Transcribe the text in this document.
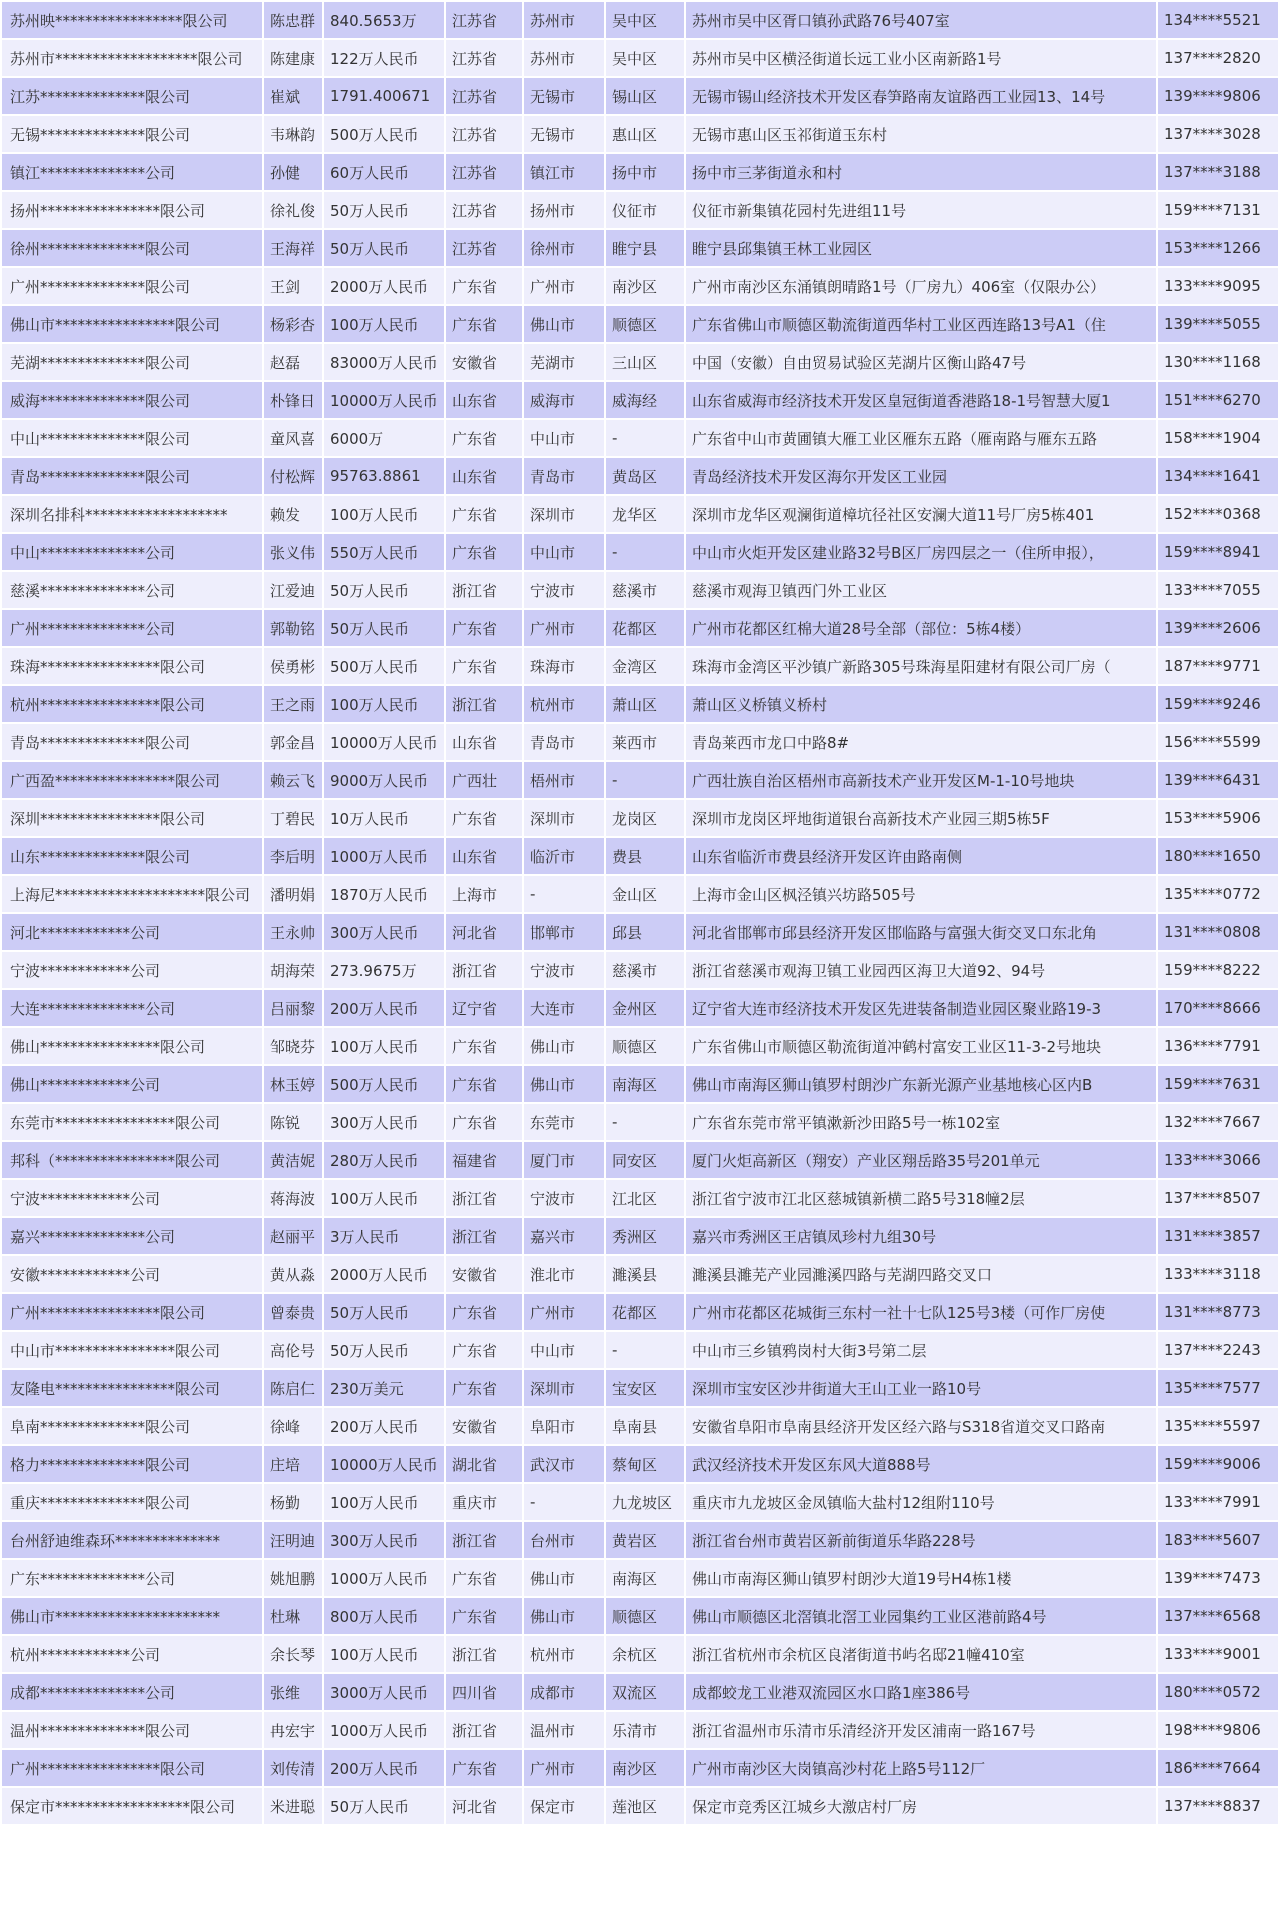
苏州映*****************限公司	陈忠群	840.5653万	江苏省	苏州市	吴中区	苏州市吴中区胥口镇孙武路76号407室	134****5521
苏州市*******************限公司	陈建康	122万人民币	江苏省	苏州市	吴中区	苏州市吴中区横泾街道长远工业小区南新路1号	137****2820
江苏**************限公司	崔斌	1791.400671	江苏省	无锡市	锡山区	无锡市锡山经济技术开发区春笋路南友谊路西工业园13、14号	139****9806
无锡**************限公司	韦琳韵	500万人民币	江苏省	无锡市	惠山区	无锡市惠山区玉祁街道玉东村	137****3028
镇江**************公司	孙健	60万人民币	江苏省	镇江市	扬中市	扬中市三茅街道永和村	137****3188
扬州****************限公司	徐礼俊	50万人民币	江苏省	扬州市	仪征市	仪征市新集镇花园村先进组11号	159****7131
徐州**************限公司	王海祥	50万人民币	江苏省	徐州市	睢宁县	睢宁县邱集镇王林工业园区	153****1266
广州**************限公司	王剑	2000万人民币	广东省	广州市	南沙区	广州市南沙区东涌镇朗晴路1号（厂房九）406室（仅限办公）	133****9095
佛山市****************限公司	杨彩杏	100万人民币	广东省	佛山市	顺德区	广东省佛山市顺德区勒流街道西华村工业区西连路13号A1（住	139****5055
芜湖**************限公司	赵磊	83000万人民币	安徽省	芜湖市	三山区	中国（安徽）自由贸易试验区芜湖片区衡山路47号	130****1168
威海**************限公司	朴锋日	10000万人民币	山东省	威海市	威海经	山东省威海市经济技术开发区皇冠街道香港路18-1号智慧大厦1	151****6270
中山**************限公司	童风喜	6000万	广东省	中山市	-	广东省中山市黄圃镇大雁工业区雁东五路（雁南路与雁东五路	158****1904
青岛**************限公司	付松辉	95763.8861	山东省	青岛市	黄岛区	青岛经济技术开发区海尔开发区工业园	134****1641
深圳名排科*******************	赖发	100万人民币	广东省	深圳市	龙华区	深圳市龙华区观澜街道樟坑径社区安澜大道11号厂房5栋401	152****0368
中山**************公司	张义伟	550万人民币	广东省	中山市	-	中山市火炬开发区建业路32号B区厂房四层之一（住所申报），	159****8941
慈溪**************公司	江爱迪	50万人民币	浙江省	宁波市	慈溪市	慈溪市观海卫镇西门外工业区	133****7055
广州**************公司	郭勒铭	50万人民币	广东省	广州市	花都区	广州市花都区红棉大道28号全部（部位：5栋4楼）	139****2606
珠海****************限公司	侯勇彬	500万人民币	广东省	珠海市	金湾区	珠海市金湾区平沙镇广新路305号珠海星阳建材有限公司厂房（	187****9771
杭州****************限公司	王之雨	100万人民币	浙江省	杭州市	萧山区	萧山区义桥镇义桥村	159****9246
青岛**************限公司	郭金昌	10000万人民币	山东省	青岛市	莱西市	青岛莱西市龙口中路8#	156****5599
广西盈****************限公司	赖云飞	9000万人民币	广西壮	梧州市	-	广西壮族自治区梧州市高新技术产业开发区M-1-10号地块	139****6431
深圳****************限公司	丁碧民	10万人民币	广东省	深圳市	龙岗区	深圳市龙岗区坪地街道银台高新技术产业园三期5栋5F	153****5906
山东**************限公司	李后明	1000万人民币	山东省	临沂市	费县	山东省临沂市费县经济开发区许由路南侧	180****1650
上海尼********************限公司	潘明娟	1870万人民币	上海市	-	金山区	上海市金山区枫泾镇兴坊路505号	135****0772
河北************公司	王永帅	300万人民币	河北省	邯郸市	邱县	河北省邯郸市邱县经济开发区邯临路与富强大街交叉口东北角	131****0808
宁波************公司	胡海荣	273.9675万	浙江省	宁波市	慈溪市	浙江省慈溪市观海卫镇工业园西区海卫大道92、94号	159****8222
大连**************公司	吕丽黎	200万人民币	辽宁省	大连市	金州区	辽宁省大连市经济技术开发区先进装备制造业园区聚业路19-3	170****8666
佛山****************限公司	邹晓芬	100万人民币	广东省	佛山市	顺德区	广东省佛山市顺德区勒流街道冲鹤村富安工业区11-3-2号地块	136****7791
佛山************公司	林玉婷	500万人民币	广东省	佛山市	南海区	佛山市南海区狮山镇罗村朗沙广东新光源产业基地核心区内B	159****7631
东莞市****************限公司	陈锐	300万人民币	广东省	东莞市	-	广东省东莞市常平镇漱新沙田路5号一栋102室	132****7667
邦科（****************限公司	黄洁妮	280万人民币	福建省	厦门市	同安区	厦门火炬高新区（翔安）产业区翔岳路35号201单元	133****3066
宁波************公司	蒋海波	100万人民币	浙江省	宁波市	江北区	浙江省宁波市江北区慈城镇新横二路5号318幢2层	137****8507
嘉兴**************公司	赵丽平	3万人民币	浙江省	嘉兴市	秀洲区	嘉兴市秀洲区王店镇凤珍村九组30号	131****3857
安徽************公司	黄从淼	2000万人民币	安徽省	淮北市	濉溪县	濉溪县濉芜产业园濉溪四路与芜湖四路交叉口	133****3118
广州****************限公司	曾泰贵	50万人民币	广东省	广州市	花都区	广州市花都区花城街三东村一社十七队125号3楼（可作厂房使	131****8773
中山市****************限公司	高伦号	50万人民币	广东省	中山市	-	中山市三乡镇鸦岗村大街3号第二层	137****2243
友隆电****************限公司	陈启仁	230万美元	广东省	深圳市	宝安区	深圳市宝安区沙井街道大王山工业一路10号	135****7577
阜南**************限公司	徐峰	200万人民币	安徽省	阜阳市	阜南县	安徽省阜阳市阜南县经济开发区经六路与S318省道交叉口路南	135****5597
格力**************限公司	庄培	10000万人民币	湖北省	武汉市	蔡甸区	武汉经济技术开发区东风大道888号	159****9006
重庆**************限公司	杨勤	100万人民币	重庆市	-	九龙坡区	重庆市九龙坡区金凤镇临大盐村12组附110号	133****7991
台州舒迪维森环**************	汪明迪	300万人民币	浙江省	台州市	黄岩区	浙江省台州市黄岩区新前街道乐华路228号	183****5607
广东**************公司	姚旭鹏	1000万人民币	广东省	佛山市	南海区	佛山市南海区狮山镇罗村朗沙大道19号H4栋1楼	139****7473
佛山市**********************	杜琳	800万人民币	广东省	佛山市	顺德区	佛山市顺德区北滘镇北滘工业园集约工业区港前路4号	137****6568
杭州************公司	余长琴	100万人民币	浙江省	杭州市	余杭区	浙江省杭州市余杭区良渚街道书屿名邸21幢410室	133****9001
成都**************公司	张维	3000万人民币	四川省	成都市	双流区	成都蛟龙工业港双流园区水口路1座386号	180****0572
温州**************限公司	冉宏宇	1000万人民币	浙江省	温州市	乐清市	浙江省温州市乐清市乐清经济开发区浦南一路167号	198****9806
广州****************限公司	刘传清	200万人民币	广东省	广州市	南沙区	广州市南沙区大岗镇高沙村花上路5号112厂	186****7664
保定市******************限公司	米进聪	50万人民币	河北省	保定市	莲池区	保定市竞秀区江城乡大激店村厂房	137****8837
